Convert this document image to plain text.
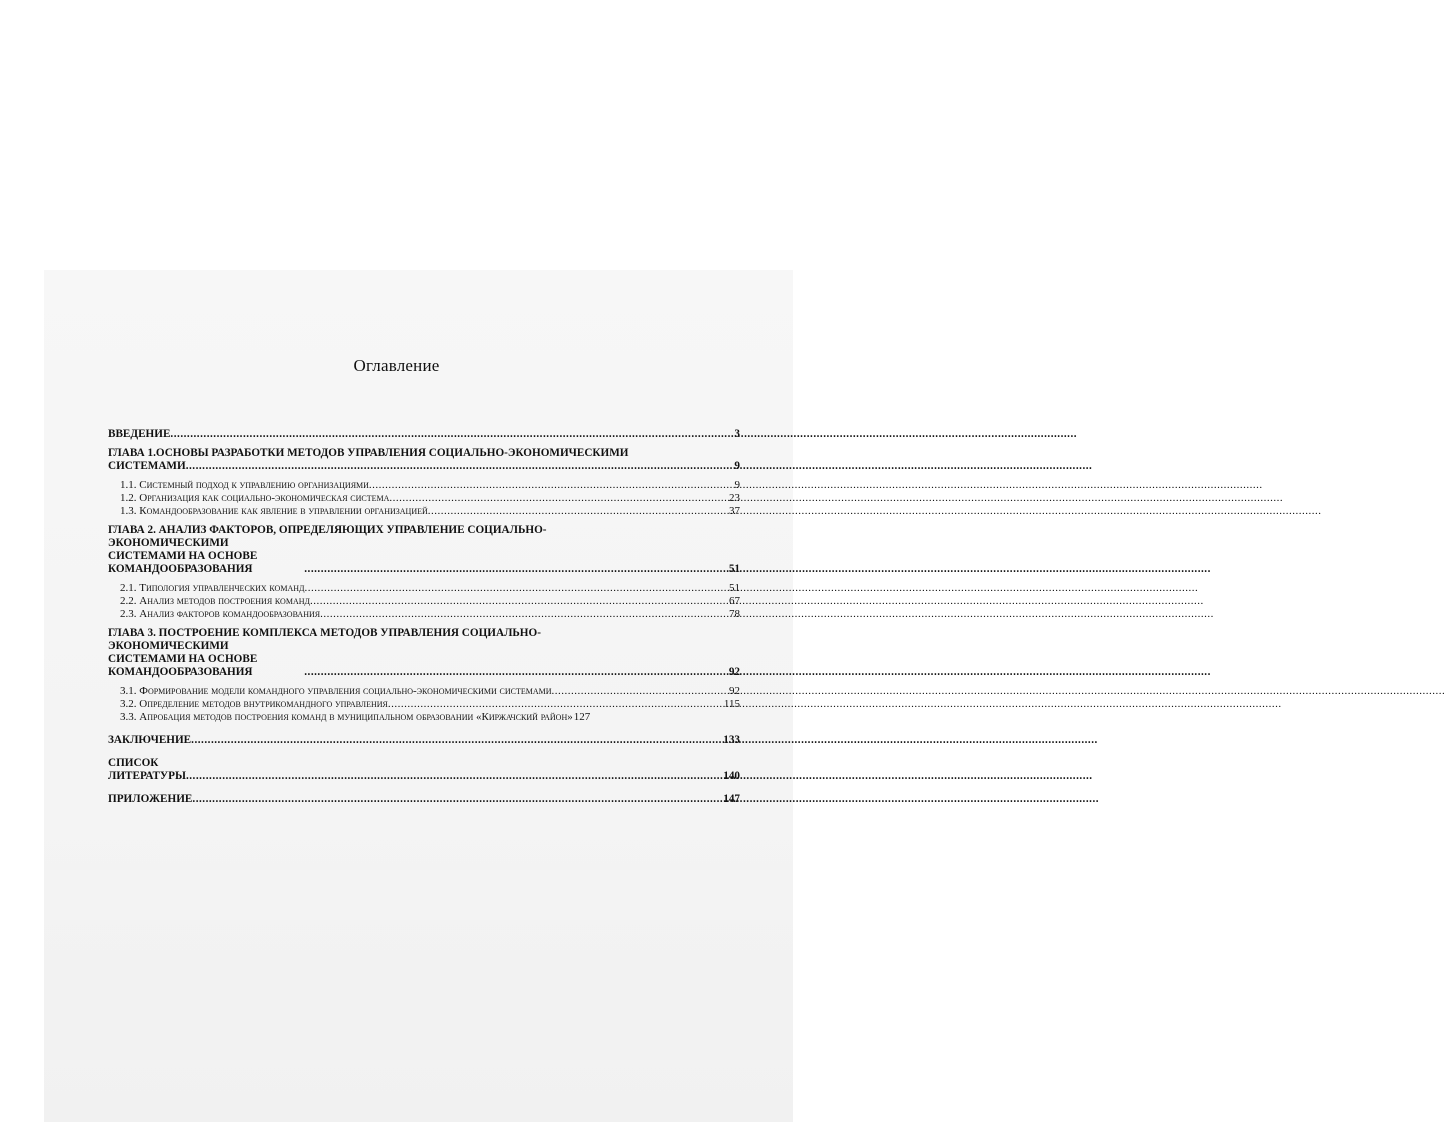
Оглавление
ВВЕДЕНИЕ .....	3
ГЛАВА 1.ОСНОВЫ РАЗРАБОТКИ МЕТОДОВ УПРАВЛЕНИЯ СОЦИАЛЬНО-ЭКОНОМИЧЕСКИМИ
СИСТЕМАМИ .....	9
1.1. Системный подход к управлению организациями .....	9
1.2. Организация как социально-экономическая система .....	23
1.3. Командообразование как явление в управлении организацией .....	37
ГЛАВА 2. АНАЛИЗ ФАКТОРОВ, ОПРЕДЕЛЯЮЩИХ УПРАВЛЕНИЕ СОЦИАЛЬНО-
ЭКОНОМИЧЕСКИМИ СИСТЕМАМИ НА ОСНОВЕ КОМАНДООБРАЗОВАНИЯ .....	51
2.1. Типология управленческих команд .....	51
2.2. Анализ методов построения команд .....	67
2.3. Анализ факторов командообразования .....	78
ГЛАВА 3. ПОСТРОЕНИЕ КОМПЛЕКСА МЕТОДОВ УПРАВЛЕНИЯ СОЦИАЛЬНО-
ЭКОНОМИЧЕСКИМИ СИСТЕМАМИ НА ОСНОВЕ КОМАНДООБРАЗОВАНИЯ .....	92
3.1. Формирование модели командного управления социально-экономическими системами .....	92
3.2. Определение методов внутрикомандного управления .....	115
3.3. Апробация методов построения команд в муниципальном образовании «Киржачский район» 127
ЗАКЛЮЧЕНИЕ .....	133
СПИСОК ЛИТЕРАТУРЫ .....	140
ПРИЛОЖЕНИЕ .....	147
